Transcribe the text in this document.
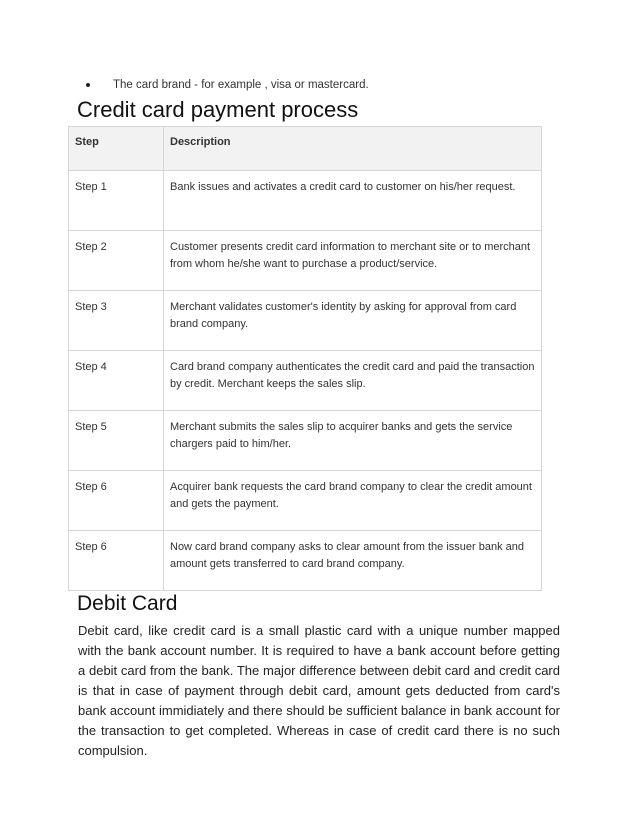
The card brand - for example , visa or mastercard.
Credit card payment process
Step	Description
Step 1	Bank issues and activates a credit card to customer on his/her request.
Step 2	Customer presents credit card information to merchant site or to merchant from whom he/she want to purchase a product/service.
Step 3	Merchant validates customer's identity by asking for approval from card brand company.
Step 4	Card brand company authenticates the credit card and paid the transaction by credit. Merchant keeps the sales slip.
Step 5	Merchant submits the sales slip to acquirer banks and gets the service chargers paid to him/her.
Step 6	Acquirer bank requests the card brand company to clear the credit amount and gets the payment.
Step 6	Now card brand company asks to clear amount from the issuer bank and amount gets transferred to card brand company.
Debit Card

Debit card, like credit card is a small plastic card with a unique number mapped with the bank account number. It is required to have a bank account before getting a debit card from the bank. The major difference between debit card and credit card is that in case of payment through debit card, amount gets deducted from card's bank account immidiately and there should be sufficient balance in bank account for the transaction to get completed. Whereas in case of credit card there is no such compulsion.
